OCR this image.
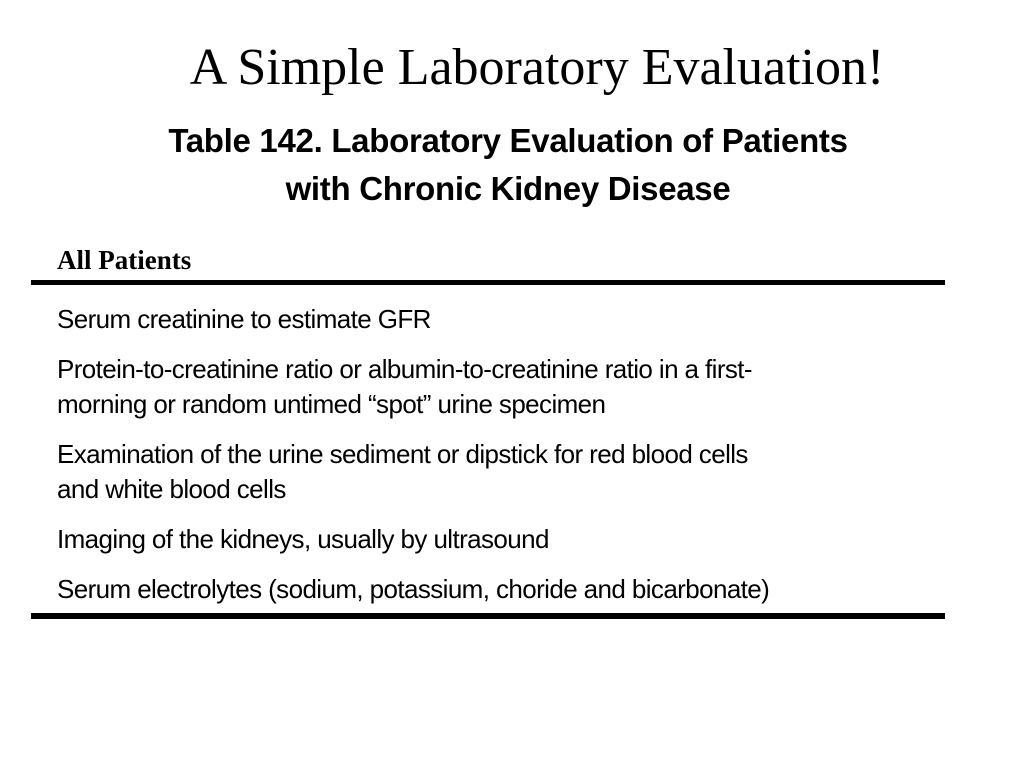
A Simple Laboratory Evaluation!
Table 142. Laboratory Evaluation of Patients
with Chronic Kidney Disease
All Patients
Serum creatinine to estimate GFR
Protein-to-creatinine ratio or albumin-to-creatinine ratio in a first-
morning or random untimed “spot” urine specimen
Examination of the urine sediment or dipstick for red blood cells
and white blood cells
Imaging of the kidneys, usually by ultrasound
Serum electrolytes (sodium, potassium, choride and bicarbonate)
